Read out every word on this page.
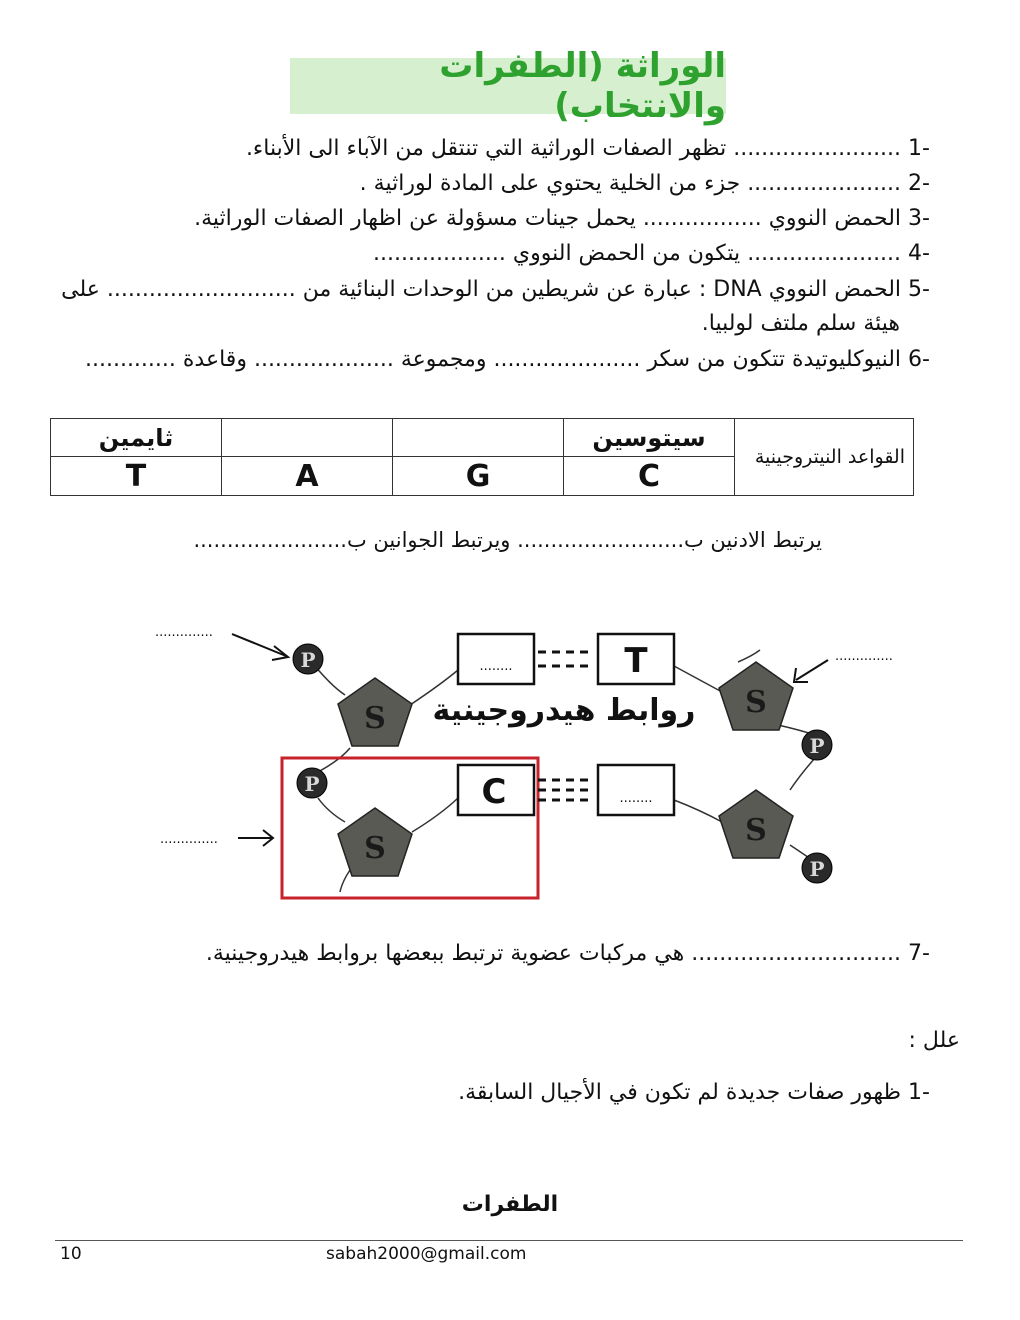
الوراثة (الطفرات والانتخاب)
-1 ........................ تظهر الصفات الوراثية التي تنتقل من الآباء الى الأبناء.
-2 ...................... جزء من الخلية يحتوي على المادة لوراثية .
-3 الحمض النووي ................. يحمل جينات مسؤولة عن اظهار الصفات الوراثية.
-4 ...................... يتكون من الحمض النووي ...................
-5 الحمض النووي DNA : عبارة عن شريطين من الوحدات البنائية من ........................... على
هيئة سلم ملتف لولبيا.
-6 النيوكليوتيدة تتكون من سكر ..................... ومجموعة .................... وقاعدة .............
ثايمين			سيتوسين	القواعد النيتروجينية
T	A	G	C	
يرتبط الادنين ب......................... ويرتبط الجوانين ب.......................
S
S
S
S
P
P
P
P
........	T
روابط هيدروجينية
C	........
..............
..............
..............
-7 .............................. هي مركبات عضوية ترتبط ببعضها بروابط هيدروجينية.
علل :
-1 ظهور صفات جديدة لم تكون في الأجيال السابقة.
الطفرات
10	sabah2000@gmail.com
